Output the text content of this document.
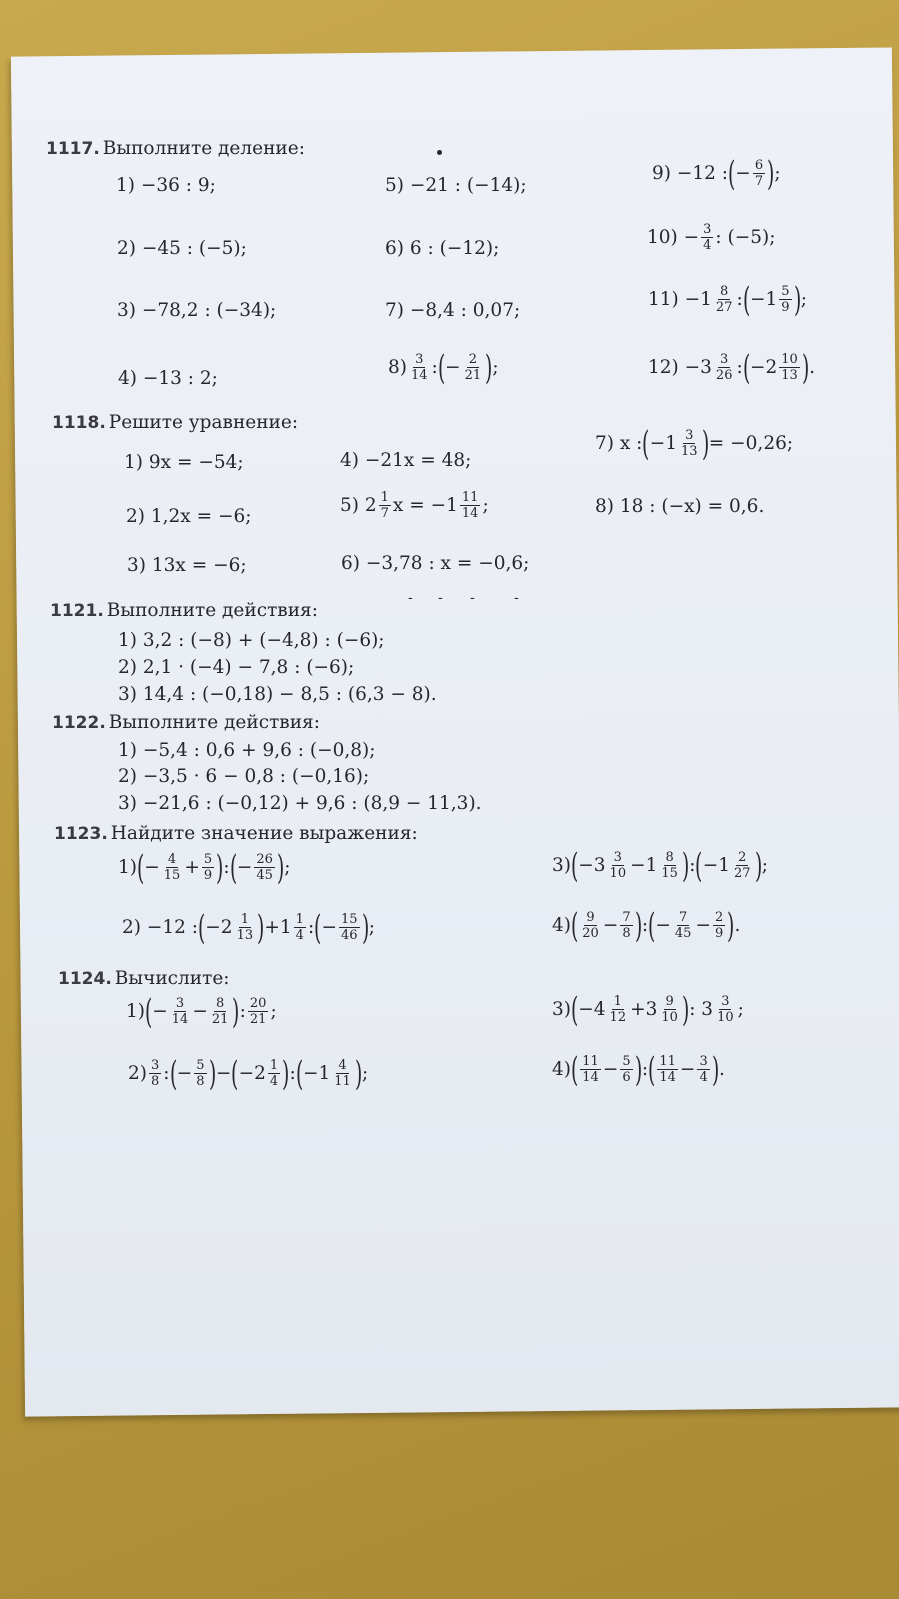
1117. Выполните деление:
1) −36 : 9;
2) −45 : (−5);
3) −78,2 : (−34);
4) −13 : 2;
5) −21 : (−14);
6) 6 : (−12);
7) −8,4 : 0,07;
$8) \frac{3}{14}$ : ( − $\frac{2}{21}$ ) ;
9) −12 : ( − $\frac{6}{7}$ ) ;
$10) - \frac{3}{4}$ : (−5);
$11) -1 \frac{8}{27}$ : ( $-1 \frac{5}{9}$ ) ;
$12) -3 \frac{3}{26}$ : ( $-2 \frac{10}{13}$ ) .
1118. Решите уравнение:
1) 9x = −54;
2) 1,2x = −6;
3) 13x = −6;
4) −21x = 48;
5) $2 \frac{1}{7}$ $x = -1 \frac{11}{14}$ ;
6) −3,78 : x = −0,6;
7) x : ( $-1 \frac{3}{13}$ ) = −0,26;
8) 18 : (−x) = 0,6.
- - -	-
1121. Выполните действия:
1) 3,2 : (−8) + (−4,8) : (−6);
2) 2,1 · (−4) − 7,8 : (−6);
3) 14,4 : (−0,18) − 8,5 : (6,3 − 8).
1122. Выполните действия:
1) −5,4 : 0,6 + 9,6 : (−0,8);
2) −3,5 · 6 − 0,8 : (−0,16);
3) −21,6 : (−0,12) + 9,6 : (8,9 − 11,3).
1123. Найдите значение выражения:
1) ( − $\frac{4}{15} + \frac{5}{9}$ ) : ( − $\frac{26}{45}$ ) ;
2) −12 : ( $-2 \frac{1}{13}$ ) $+1 \frac{1}{4}$ : ( − $\frac{15}{46}$ ) ;
3) ( $-3 \frac{3}{10} -1 \frac{8}{15}$ ) : ( $-1 \frac{2}{27}$ ) ;
4) ( $\frac{9}{20} - \frac{7}{8}$ ) : ( − $\frac{7}{45} - \frac{2}{9}$ ) .
1124. Вычислите:
1) ( − $\frac{3}{14} - \frac{8}{21}$ ) : $\frac{20}{21}$ ;
$2) \frac{3}{8}$ : ( − $\frac{5}{8}$ ) − ( $-2 \frac{1}{4}$ ) : ( $-1 \frac{4}{11}$ ) ;
3) ( $-4 \frac{1}{12} +3 \frac{9}{10}$ ) : $3 \frac{3}{10}$ ;
4) ( $\frac{11}{14} - \frac{5}{6}$ ) : ( $\frac{11}{14} - \frac{3}{4}$ ) .
